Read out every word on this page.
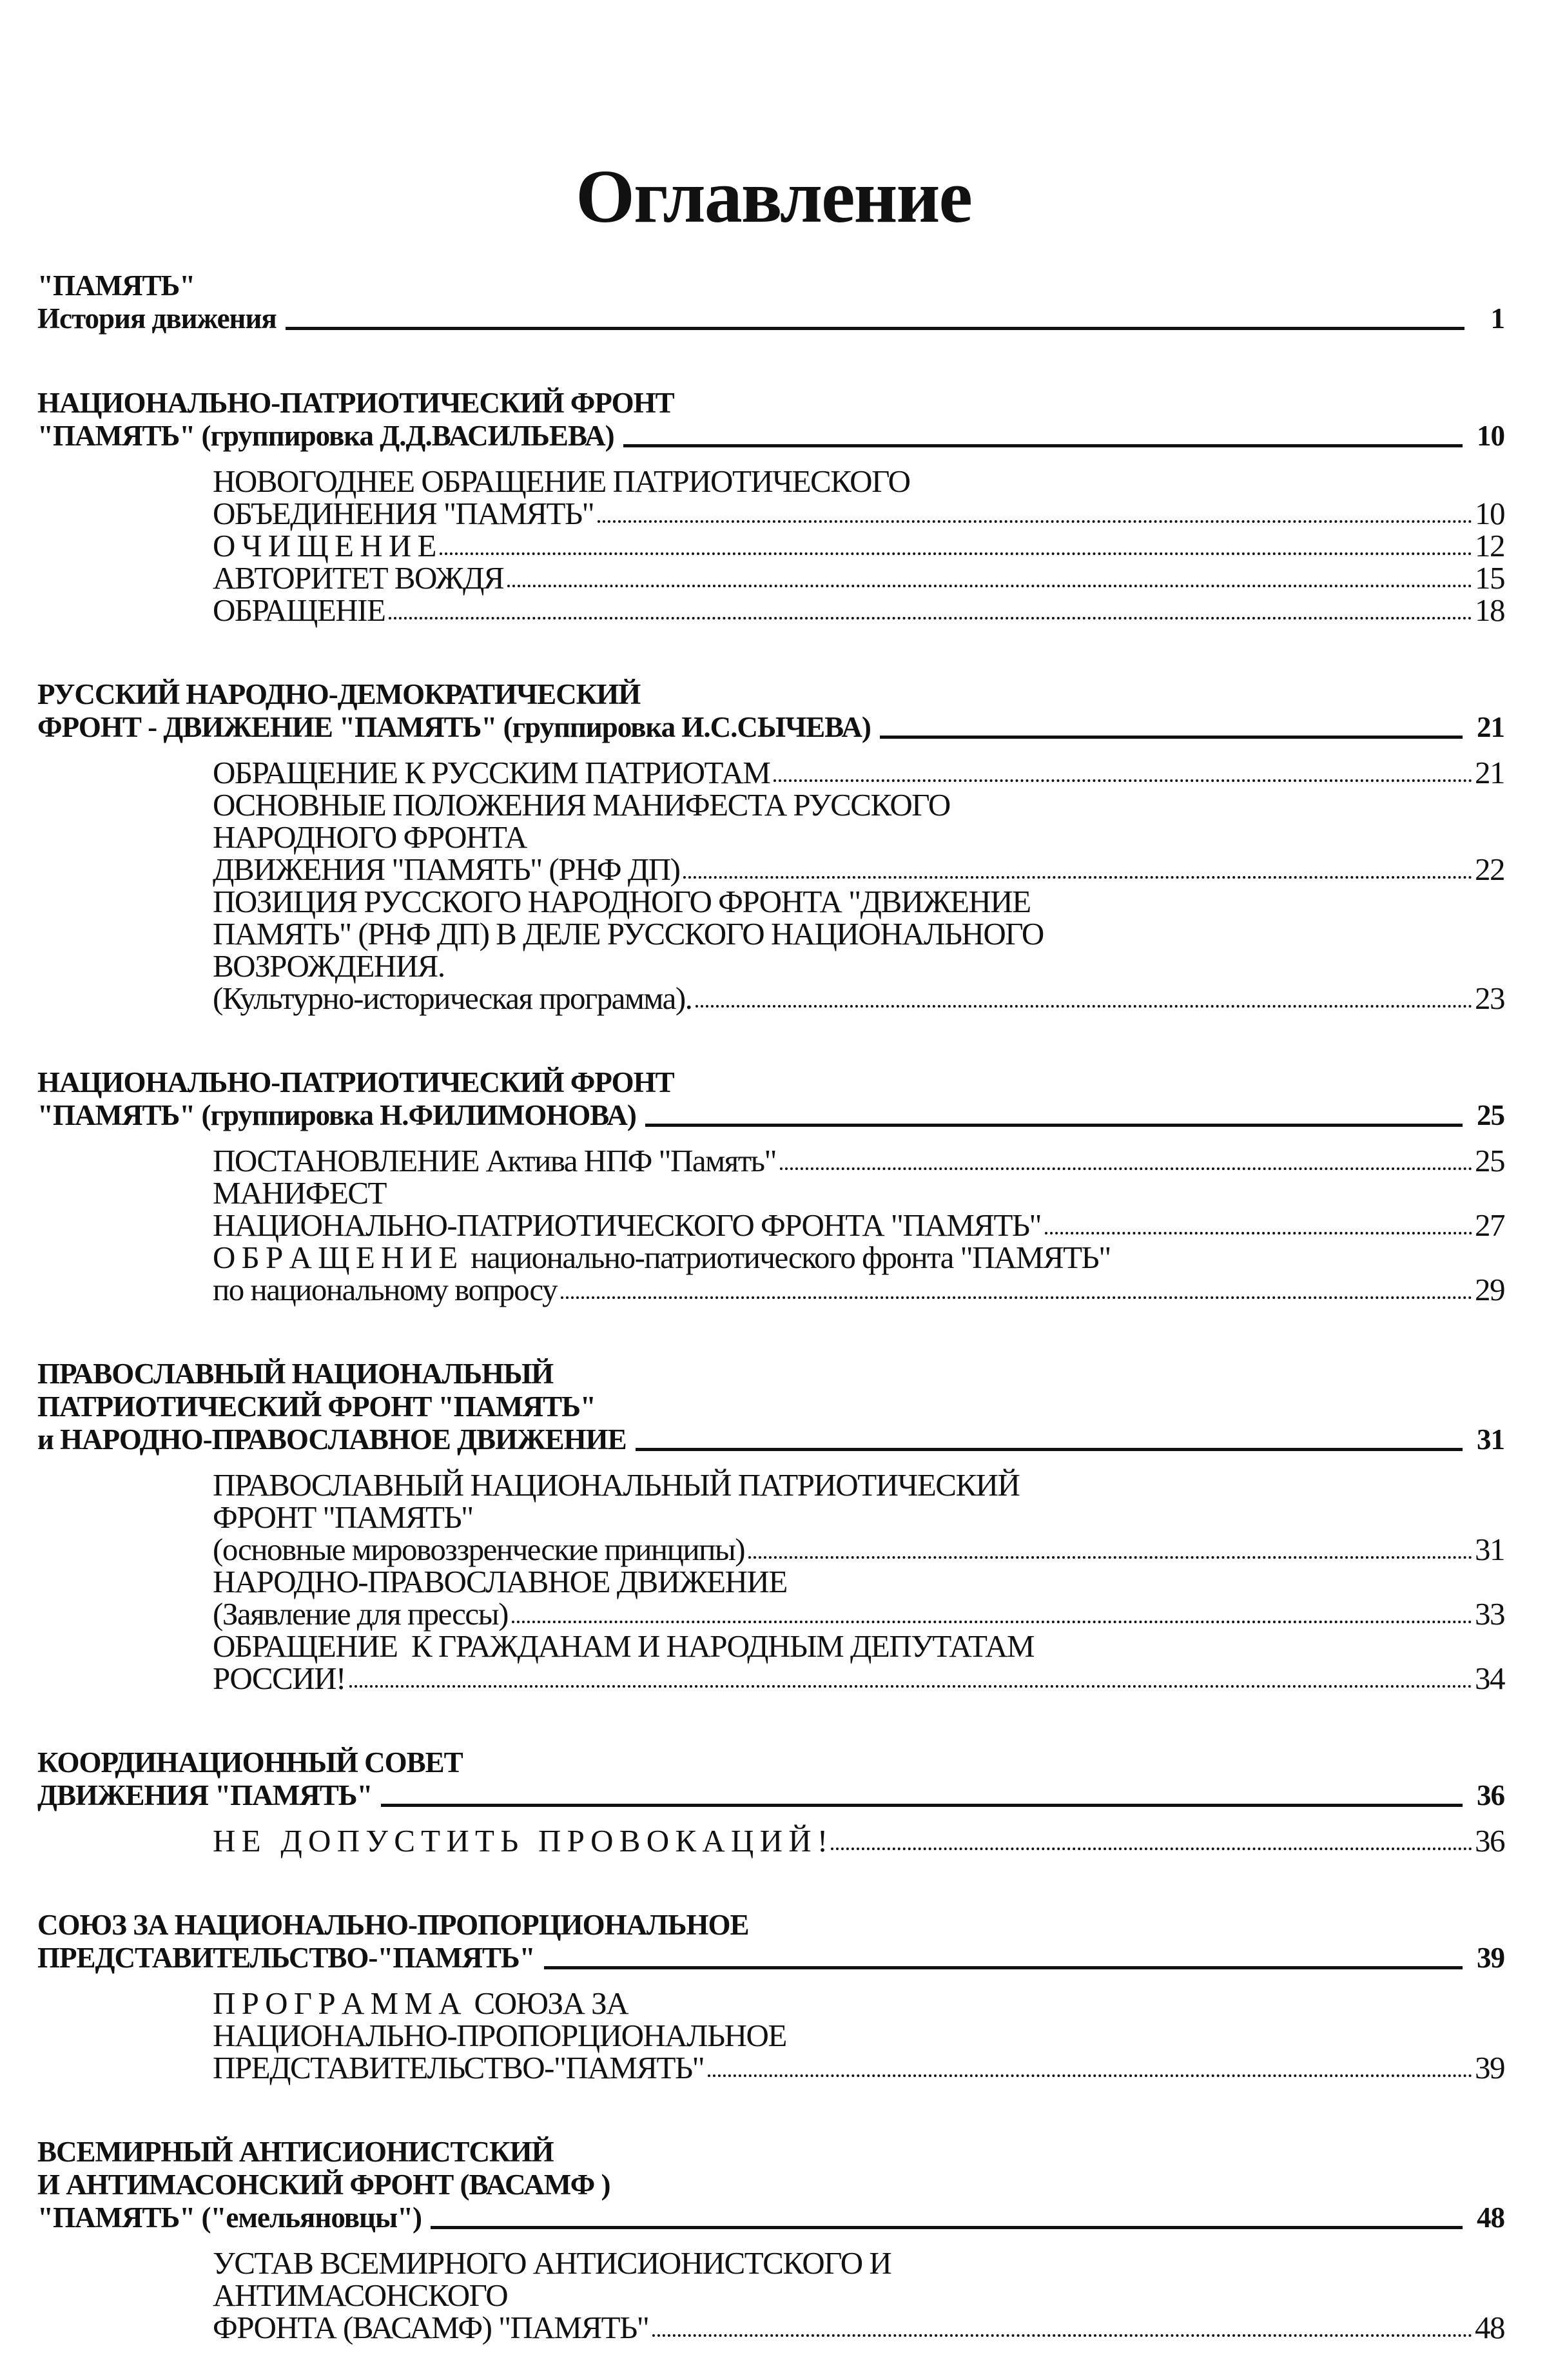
Оглавление
"ПАМЯТЬ"
История движения	1
НАЦИОНАЛЬНО-ПАТРИОТИЧЕСКИЙ ФРОНТ
"ПАМЯТЬ" (группировка Д.Д.ВАСИЛЬЕВА)	10
НОВОГОДНЕЕ ОБРАЩЕНИЕ ПАТРИОТИЧЕСКОГО
ОБЪЕДИНЕНИЯ "ПАМЯТЬ"	10
О Ч И Щ Е Н И Е	12
АВТОРИТЕТ ВОЖДЯ	15
ОБРАЩЕНIЕ	18
РУССКИЙ НАРОДНО-ДЕМОКРАТИЧЕСКИЙ
ФРОНТ - ДВИЖЕНИЕ "ПАМЯТЬ" (группировка И.С.СЫЧЕВА)	21
ОБРАЩЕНИЕ К РУССКИМ ПАТРИОТАМ	21
ОСНОВНЫЕ ПОЛОЖЕНИЯ МАНИФЕСТА РУССКОГО
НАРОДНОГО ФРОНТА
ДВИЖЕНИЯ "ПАМЯТЬ" (РНФ ДП)	22
ПОЗИЦИЯ РУССКОГО НАРОДНОГО ФРОНТА "ДВИЖЕНИЕ
ПАМЯТЬ" (РНФ ДП) В ДЕЛЕ РУССКОГО НАЦИОНАЛЬНОГО
ВОЗРОЖДЕНИЯ.
(Культурно-историческая программа).	23
НАЦИОНАЛЬНО-ПАТРИОТИЧЕСКИЙ ФРОНТ
"ПАМЯТЬ" (группировка Н.ФИЛИМОНОВА)	25
ПОСТАНОВЛЕНИЕ Актива НПФ "Память"	25
МАНИФЕСТ
НАЦИОНАЛЬНО-ПАТРИОТИЧЕСКОГО ФРОНТА "ПАМЯТЬ"	27
О Б Р А Щ Е Н И Е  национально-патриотического фронта "ПАМЯТЬ"
по национальному вопросу	29
ПРАВОСЛАВНЫЙ НАЦИОНАЛЬНЫЙ
ПАТРИОТИЧЕСКИЙ ФРОНТ "ПАМЯТЬ"
и НАРОДНО-ПРАВОСЛАВНОЕ ДВИЖЕНИЕ	31
ПРАВОСЛАВНЫЙ НАЦИОНАЛЬНЫЙ ПАТРИОТИЧЕСКИЙ
ФРОНТ "ПАМЯТЬ"
(основные мировоззренческие принципы)	31
НАРОДНО-ПРАВОСЛАВНОЕ ДВИЖЕНИЕ
(Заявление для прессы)	33
ОБРАЩЕНИЕ  К ГРАЖДАНАМ И НАРОДНЫМ ДЕПУТАТАМ
РОССИИ!	34
КООРДИНАЦИОННЫЙ СОВЕТ
ДВИЖЕНИЯ "ПАМЯТЬ"	36
Н Е   Д О П У С Т И Т Ь   П Р О В О К А Ц И Й !	36
СОЮЗ ЗА НАЦИОНАЛЬНО-ПРОПОРЦИОНАЛЬНОЕ
ПРЕДСТАВИТЕЛЬСТВО-"ПАМЯТЬ"	39
П Р О Г Р А М М А  СОЮЗА ЗА
НАЦИОНАЛЬНО-ПРОПОРЦИОНАЛЬНОЕ
ПРЕДСТАВИТЕЛЬСТВО-"ПАМЯТЬ"	39
ВСЕМИРНЫЙ АНТИСИОНИСТСКИЙ
И АНТИМАСОНСКИЙ ФРОНТ (ВАСАМФ )
"ПАМЯТЬ" ("емельяновцы")	48
УСТАВ ВСЕМИРНОГО АНТИСИОНИСТСКОГО И
АНТИМАСОНСКОГО
ФРОНТА (ВАСАМФ) "ПАМЯТЬ"	48
